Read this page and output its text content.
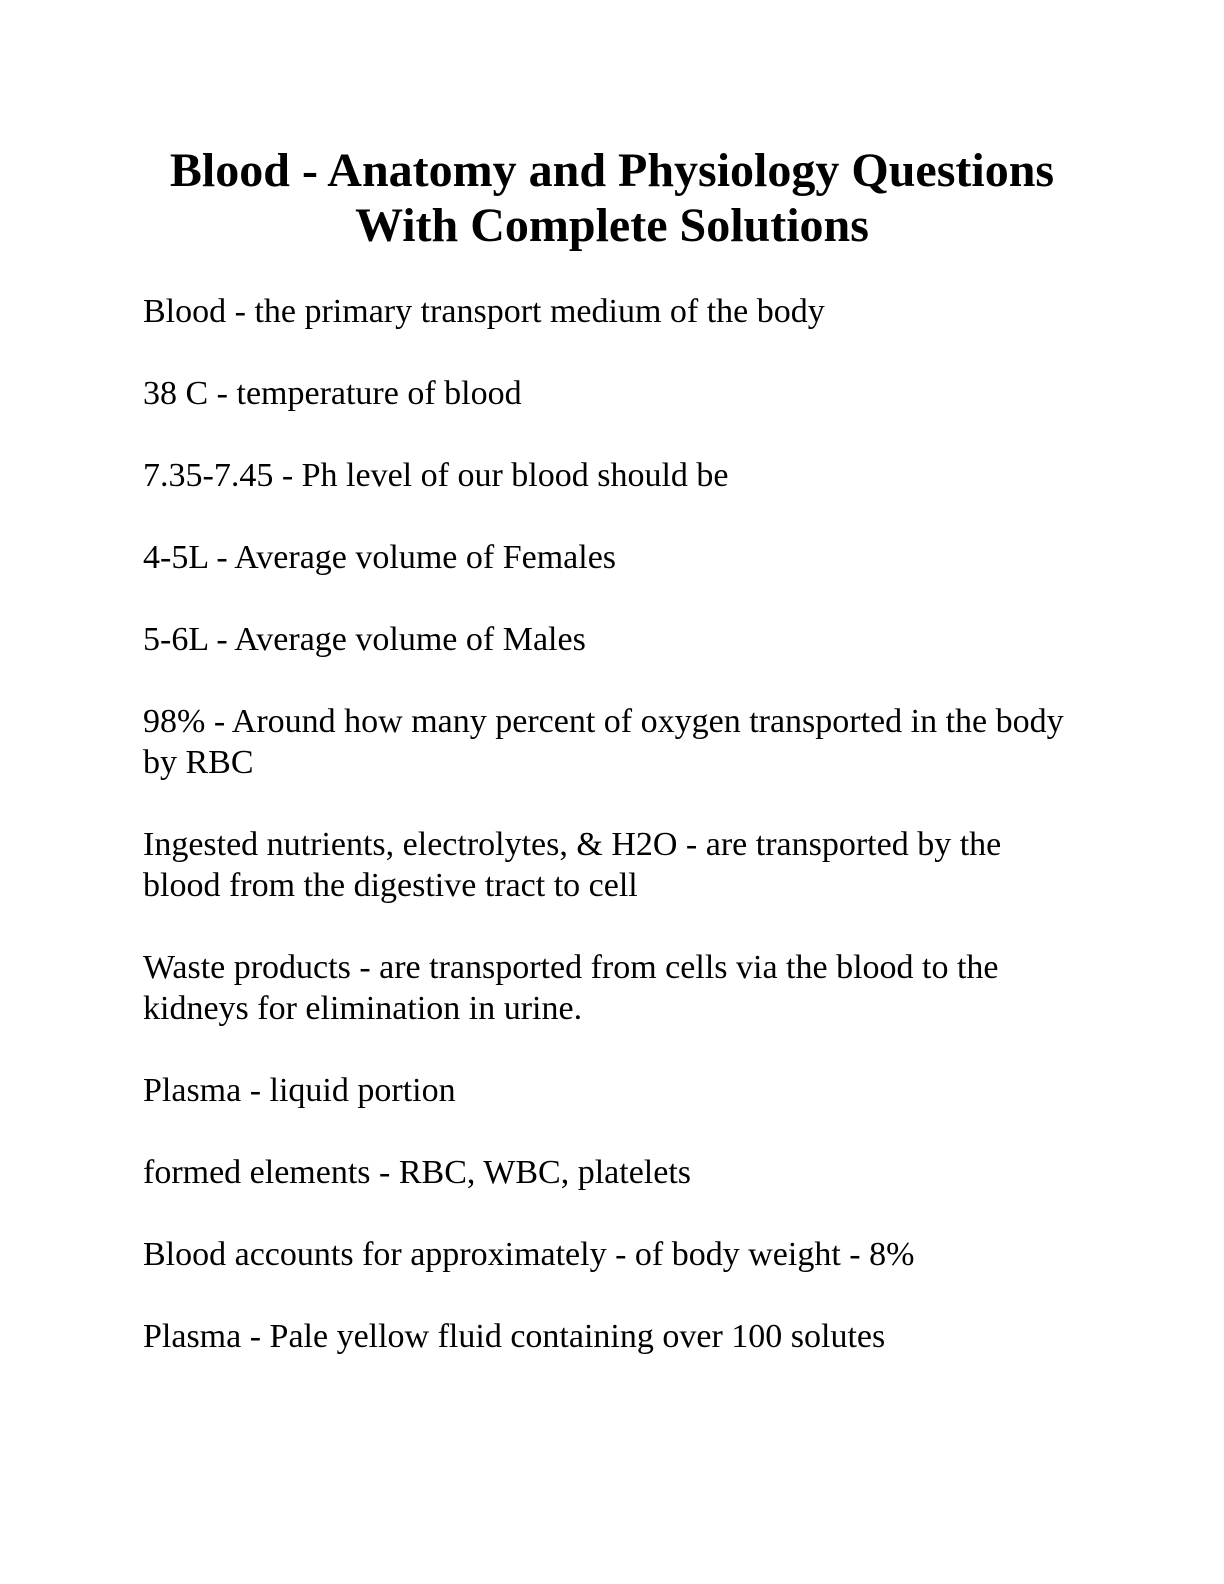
Blood - Anatomy and Physiology Questions
With Complete Solutions
Blood - the primary transport medium of the body
38 C - temperature of blood
7.35-7.45 - Ph level of our blood should be
4-5L - Average volume of Females
5-6L - Average volume of Males
98% - Around how many percent of oxygen transported in the body by RBC
Ingested nutrients, electrolytes, & H2O - are transported by the blood from the digestive tract to cell
Waste products - are transported from cells via the blood to the kidneys for elimination in urine.
Plasma - liquid portion
formed elements - RBC, WBC, platelets
Blood accounts for approximately - of body weight - 8%
Plasma - Pale yellow fluid containing over 100 solutes
